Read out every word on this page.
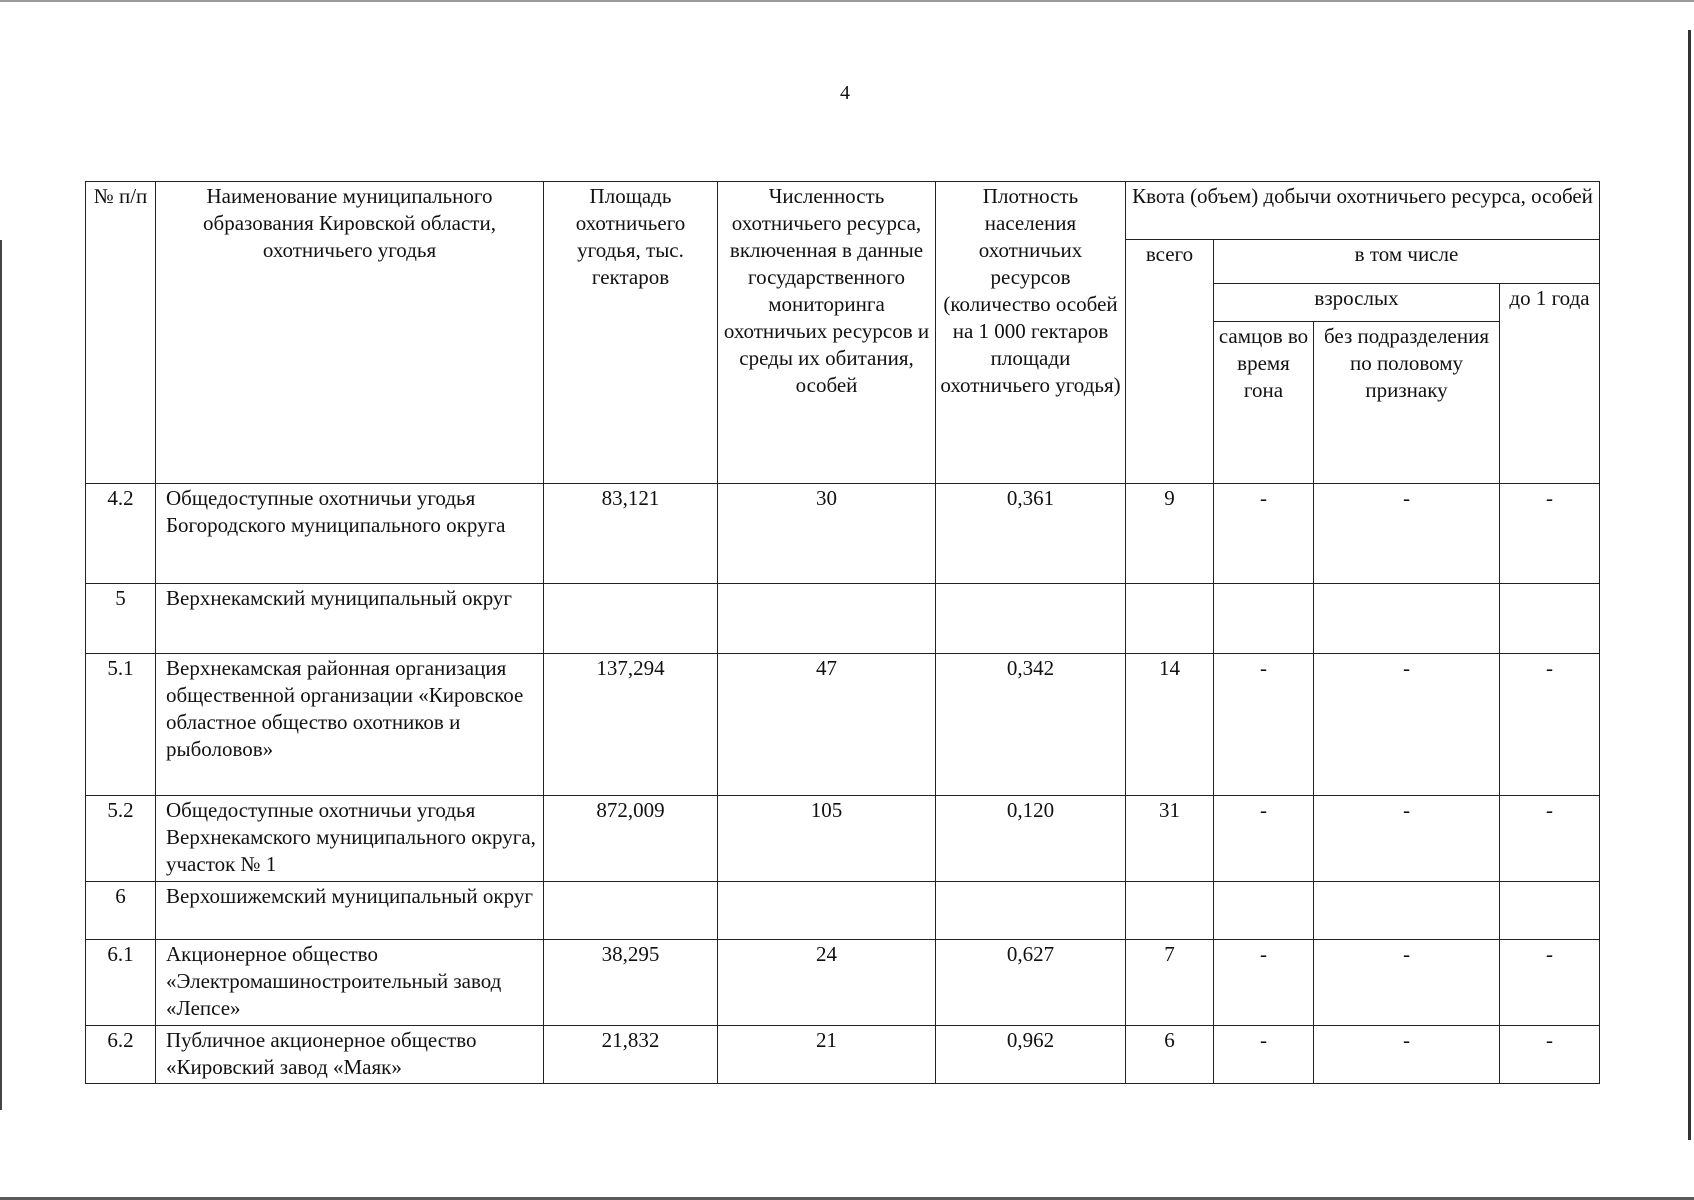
4
№ п/п	Наименование муниципального образования Кировской области, охотничьего угодья	Площадь охотничьего угодья, тыс. гектаров	Численность охотничьего ресурса, включенная в данные государственного мониторинга охотничьих ресурсов и среды их обитания, особей	Плотность населения охотничьих ресурсов (количество особей на 1 000 гектаров площади охотничьего угодья)	Квота (объем) добычи охотничьего ресурса, особей			
					всего	в том числе		
						взрослых		до 1 года
						самцов во время гона	без подразделения по половому признаку	
4.2	Общедоступные охотничьи угодья Богородского муниципального округа	83,121	30	0,361	9	-	-	-
5	Верхнекамский муниципальный округ							
5.1	Верхнекамская районная организация общественной организации «Кировское областное общество охотников и рыболовов»	137,294	47	0,342	14	-	-	-
5.2	Общедоступные охотничьи угодья Верхнекамского муниципального округа, участок № 1	872,009	105	0,120	31	-	-	-
6	Верхошижемский муниципальный округ							
6.1	Акционерное общество «Электромашиностроительный завод «Лепсе»	38,295	24	0,627	7	-	-	-
6.2	Публичное акционерное общество «Кировский завод «Маяк»	21,832	21	0,962	6	-	-	-
